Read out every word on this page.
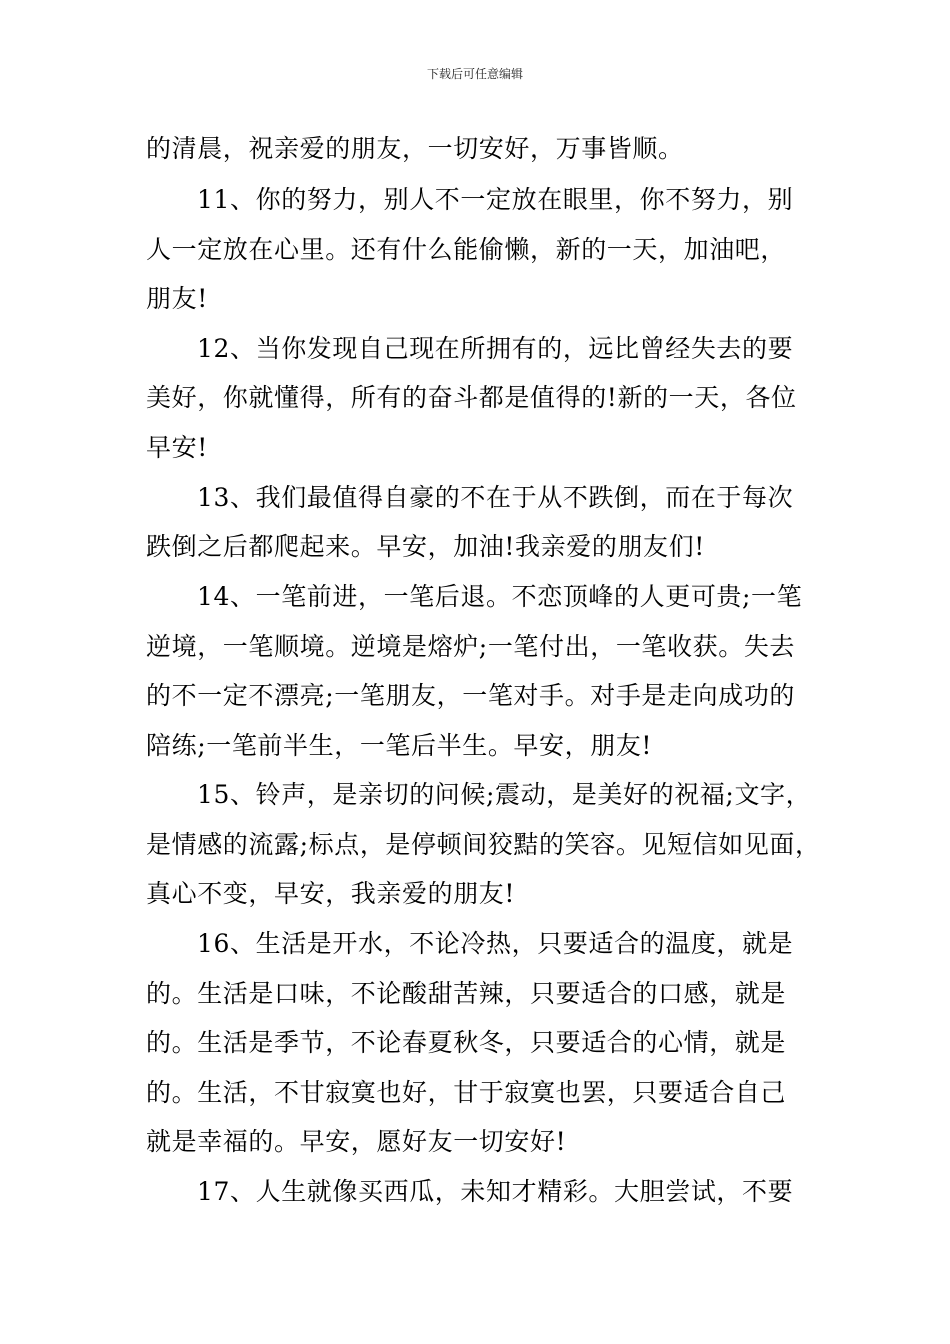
下载后可任意编辑
的清晨，祝亲爱的朋友，一切安好，万事皆顺。
11、你的努力，别人不一定放在眼里，你不努力，别
人一定放在心里。还有什么能偷懒，新的一天，加油吧，
朋友!
12、当你发现自己现在所拥有的，远比曾经失去的要
美好，你就懂得，所有的奋斗都是值得的!新的一天，各位
早安!
13、我们最值得自豪的不在于从不跌倒，而在于每次
跌倒之后都爬起来。早安，加油!我亲爱的朋友们!
14、一笔前进，一笔后退。不恋顶峰的人更可贵;一笔
逆境，一笔顺境。逆境是熔炉;一笔付出，一笔收获。失去
的不一定不漂亮;一笔朋友，一笔对手。对手是走向成功的
陪练;一笔前半生，一笔后半生。早安，朋友!
15、铃声，是亲切的问候;震动，是美好的祝福;文字，
是情感的流露;标点，是停顿间狡黠的笑容。见短信如见面，
真心不变，早安，我亲爱的朋友!
16、生活是开水，不论冷热，只要适合的温度，就是
的。生活是口味，不论酸甜苦辣，只要适合的口感，就是
的。生活是季节，不论春夏秋冬，只要适合的心情，就是
的。生活，不甘寂寞也好，甘于寂寞也罢，只要适合自己
就是幸福的。早安，愿好友一切安好!
17、人生就像买西瓜，未知才精彩。大胆尝试，不要
